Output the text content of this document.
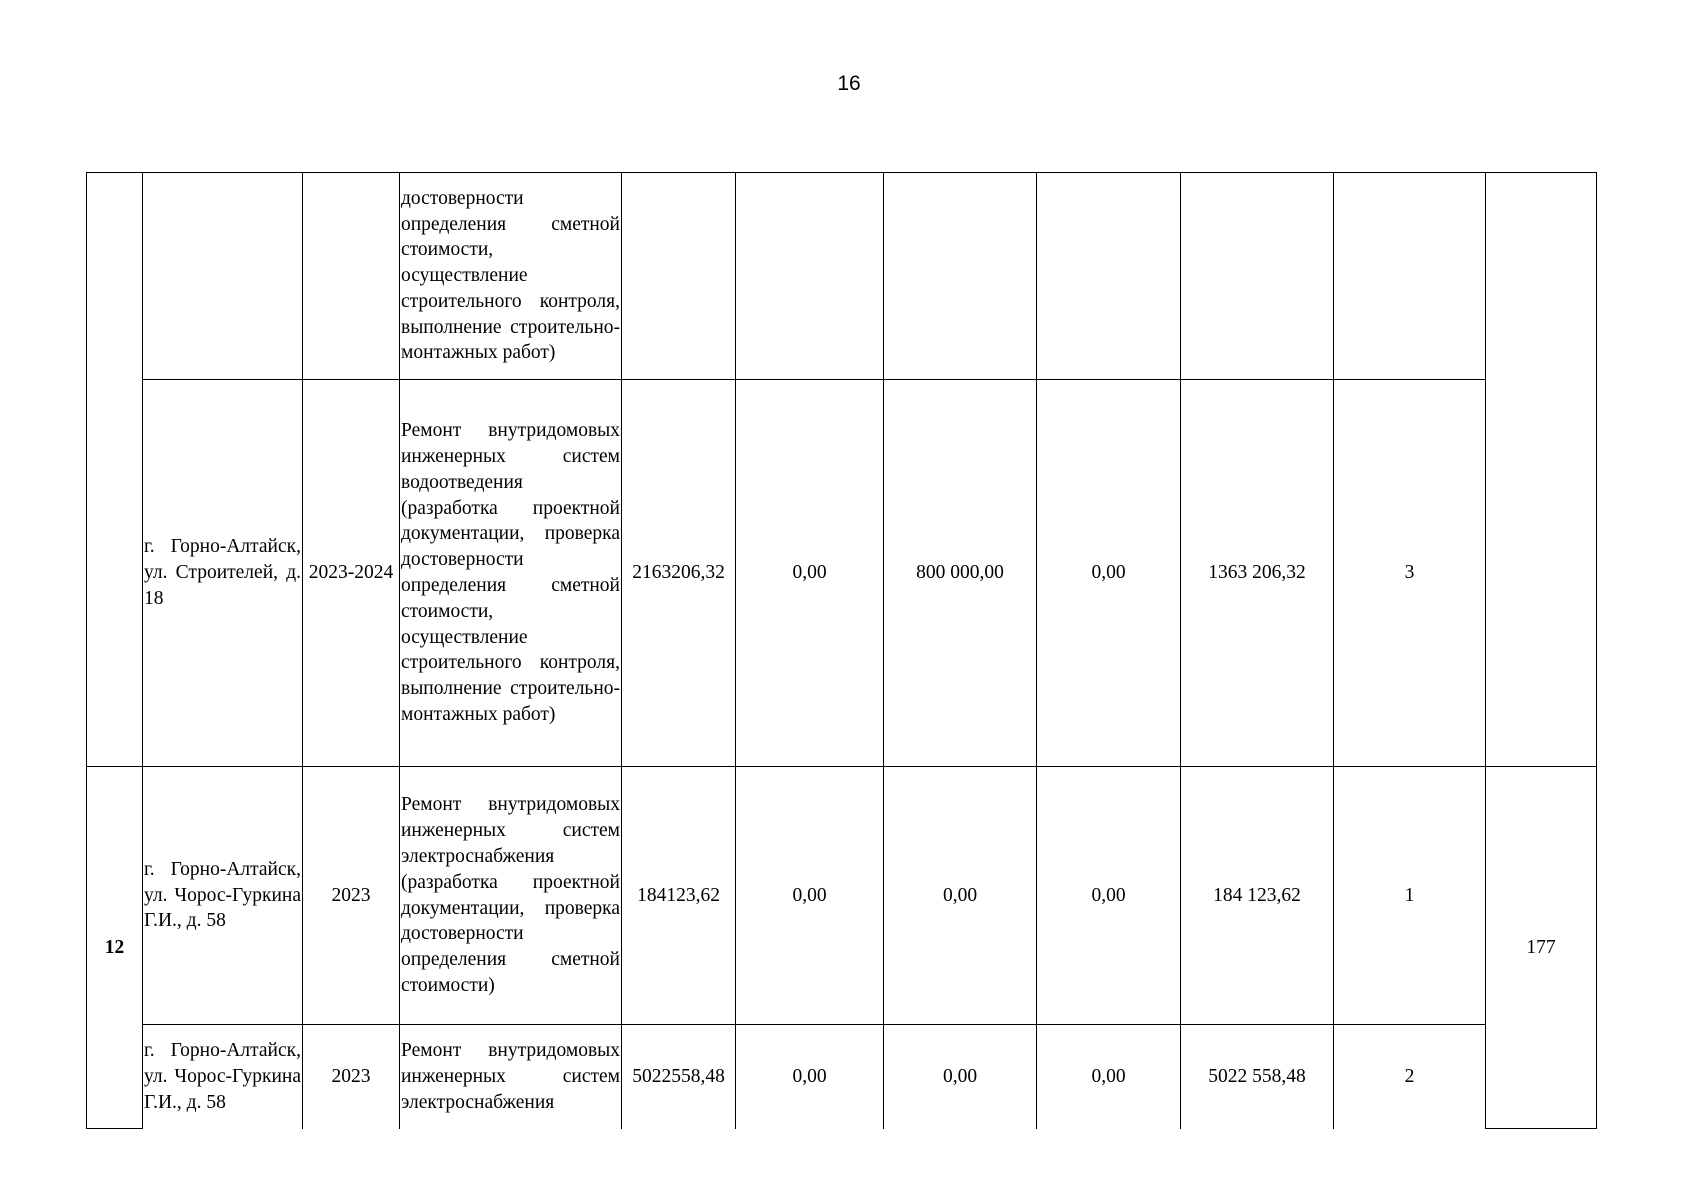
16
			достоверности определения сметной стоимости, осуществление строительного контроля, выполнение строительно-монтажных работ)							
	г. Горно-Алтайск, ул. Строителей, д. 18	2023-2024	Ремонт внутридомовых инженерных систем водоотведения (разработка проектной документации, проверка достоверности определения сметной стоимости, осуществление строительного контроля, выполнение строительно-монтажных работ)	2163206,32	0,00	800 000,00	0,00	1363 206,32	3	
12	г. Горно-Алтайск, ул. Чорос-Гуркина Г.И., д. 58	2023	Ремонт внутридомовых инженерных систем электроснабжения (разработка проектной документации, проверка достоверности определения сметной стоимости)	184123,62	0,00	0,00	0,00	184 123,62	1	177
	г. Горно-Алтайск, ул. Чорос-Гуркина Г.И., д. 58	2023	Ремонт внутридомовых инженерных систем электроснабжения	5022558,48	0,00	0,00	0,00	5022 558,48	2	
